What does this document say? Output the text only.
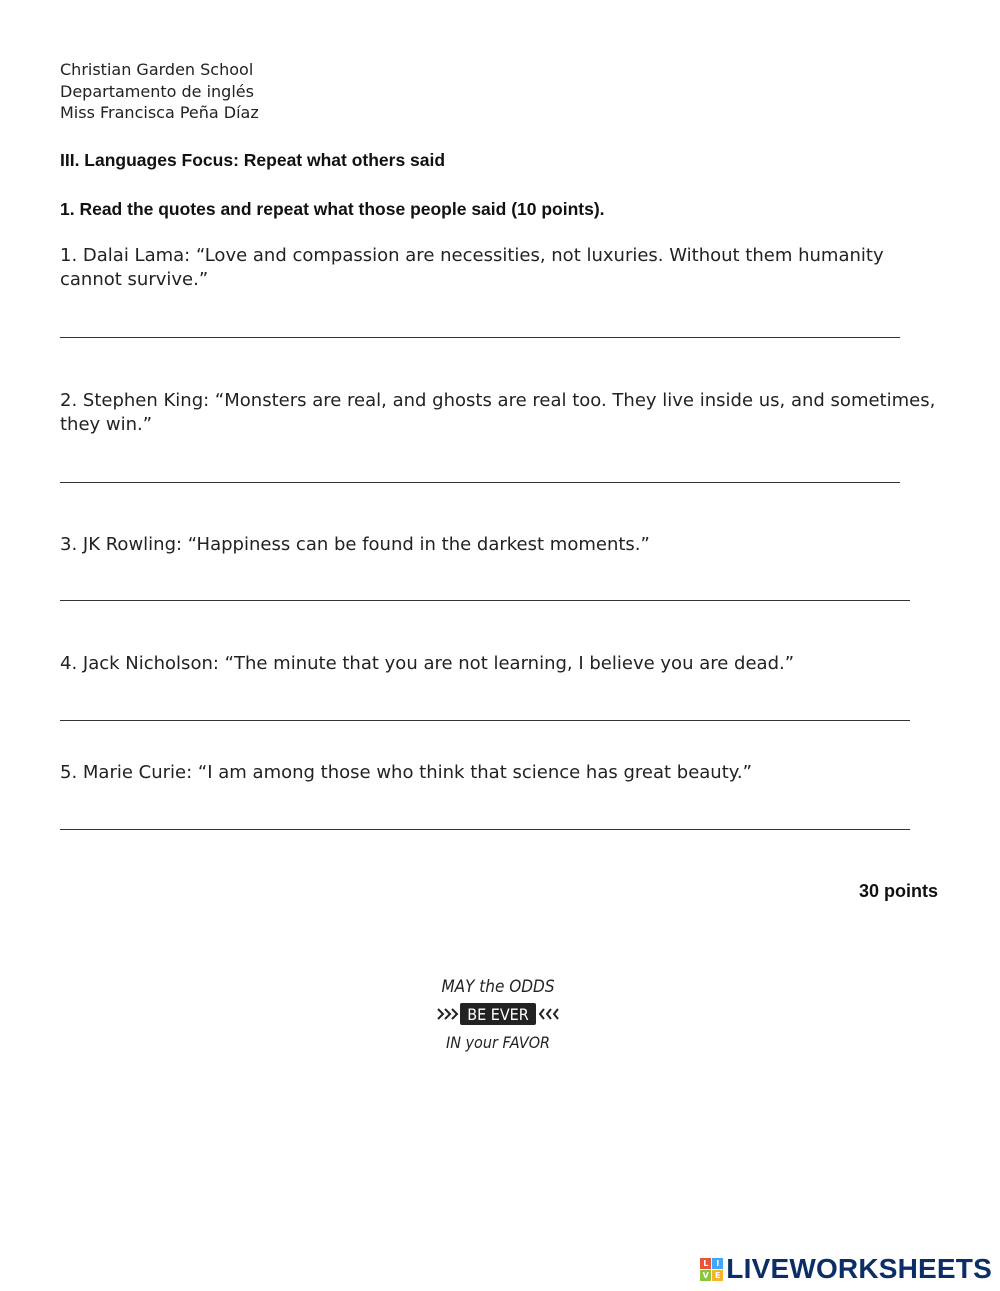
Christian Garden School
Departamento de inglés
Miss Francisca Peña Díaz
III. Languages Focus: Repeat what others said
1. Read the quotes and repeat what those people said (10 points).
1. Dalai Lama: “Love and compassion are necessities, not luxuries. Without them humanity cannot survive.”
2. Stephen King: “Monsters are real, and ghosts are real too. They live inside us, and sometimes, they win.”
3. JK Rowling: “Happiness can be found in the darkest moments.”
4. Jack Nicholson: “The minute that you are not learning, I believe you are dead.”
5. Marie Curie: “I am among those who think that science has great beauty.”
30 points
MAY the ODDS
BE EVER
IN your FAVOR
L I
V E LIVEWORKSHEETS
